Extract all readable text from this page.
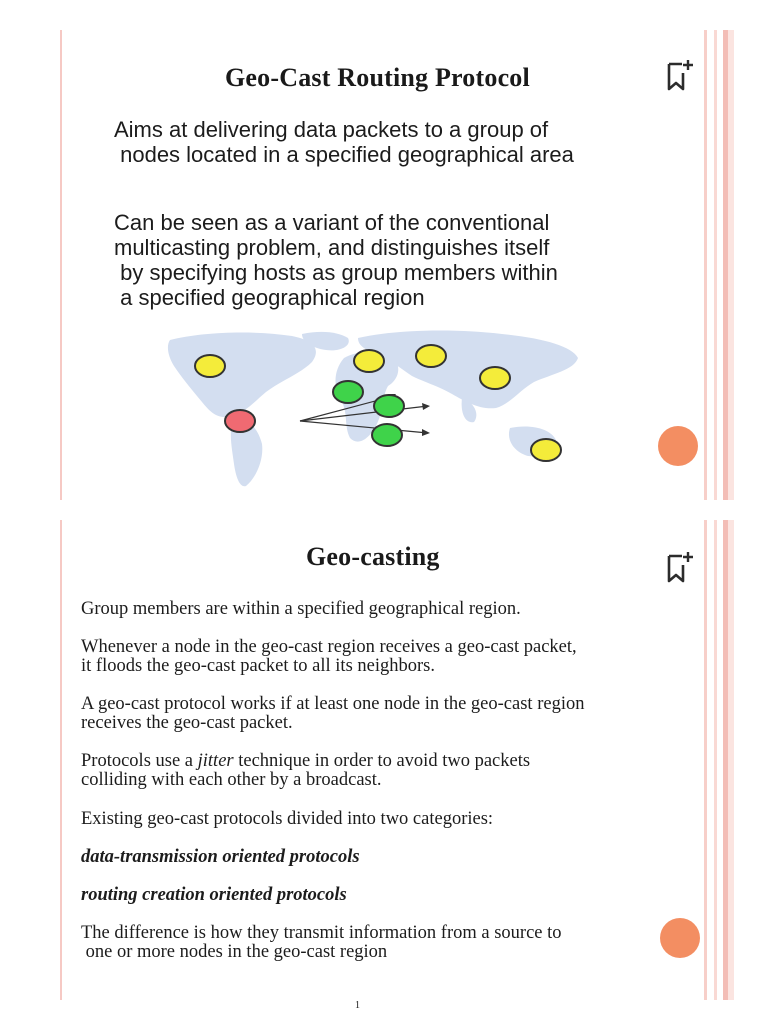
Geo-Cast Routing Protocol
Aims at delivering data packets to a group of
nodes located in a specified geographical area
Can be seen as a variant of the conventional
multicasting problem, and distinguishes itself
by specifying hosts as group members within
a specified geographical region
Geo-casting
Group members are within a specified geographical region.
Whenever a node in the geo-cast region receives a geo-cast packet,
it floods the geo-cast packet to all its neighbors.
A geo-cast protocol works if at least one node in the geo-cast region
receives the geo-cast packet.
Protocols use a jitter technique in order to avoid two packets
colliding with each other by a broadcast.
Existing geo-cast protocols divided into two categories:
data-transmission oriented protocols
routing creation oriented protocols
The difference is how they transmit information from a source to
one or more nodes in the geo-cast region
1
